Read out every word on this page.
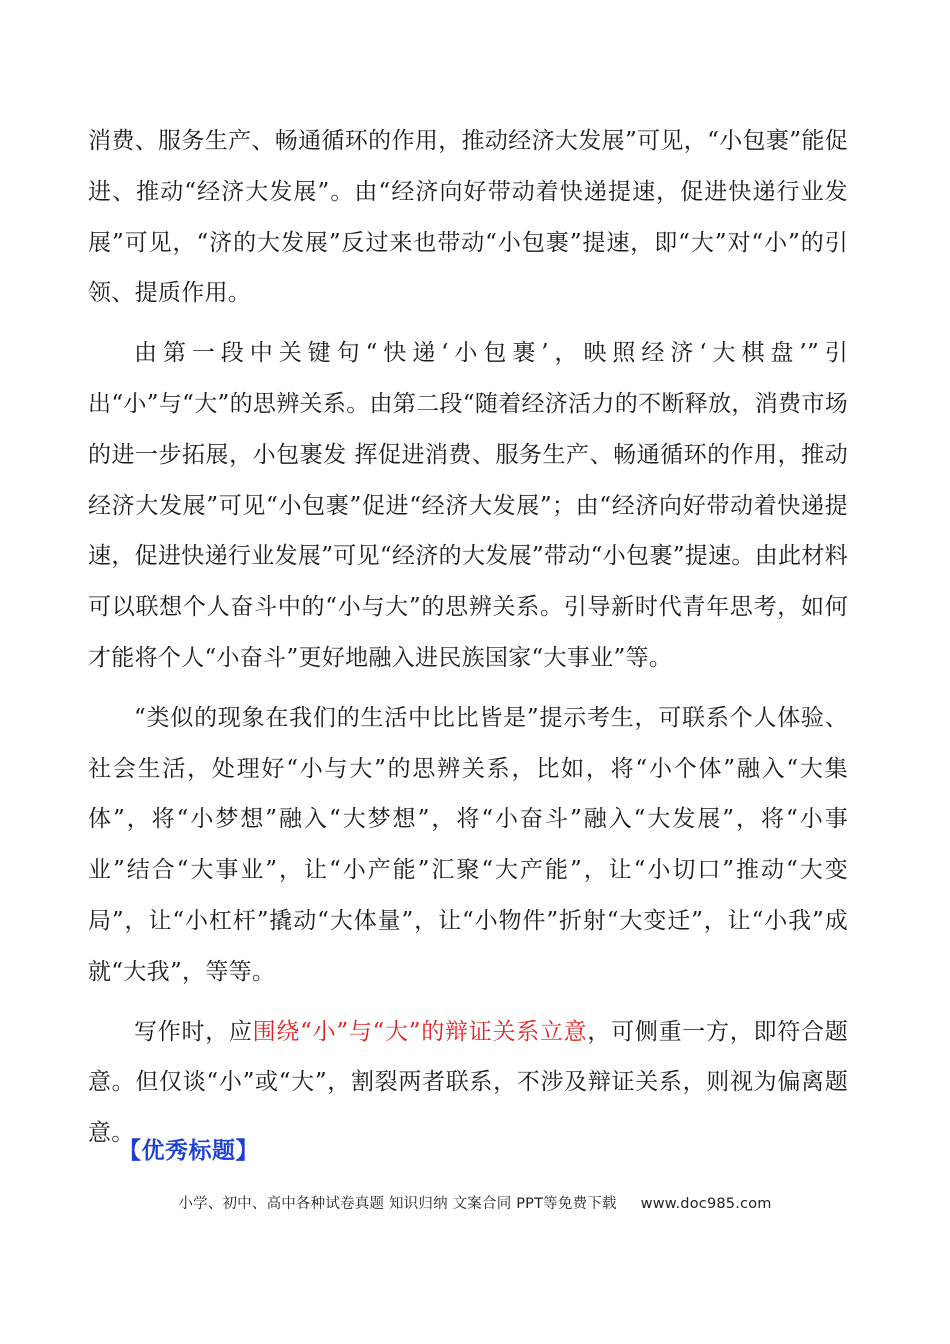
消费、服务生产、畅通循环的作用，推动经济大发展”可见，“小包裹”能促进、推动“经济大发展”。由“经济向好带动着快递提速，促进快递行业发展”可见，“济的大发展”反过来也带动“小包裹”提速，即“大”对“小”的引领、提质作用。

由第一段中关键句“快递‘小包裹’，映照经济‘大棋盘’”引出“小”与“大”的思辨关系。由第二段“随着经济活力的不断释放，消费市场的进一步拓展，小包裹发 挥促进消费、服务生产、畅通循环的作用，推动经济大发展”可见“小包裹”促进“经济大发展”；由“经济向好带动着快递提速，促进快递行业发展”可见“经济的大发展”带动“小包裹”提速。由此材料可以联想个人奋斗中的“小与大”的思辨关系。引导新时代青年思考，如何才能将个人“小奋斗”更好地融入进民族国家“大事业”等。

“类似的现象在我们的生活中比比皆是”提示考生，可联系个人体验、社会生活，处理好“小与大”的思辨关系，比如，将“小个体”融入“大集体”，将“小梦想”融入“大梦想”，将“小奋斗”融入“大发展”，将“小事业”结合“大事业”，让“小产能”汇聚“大产能”，让“小切口”推动“大变局”，让“小杠杆”撬动“大体量”，让“小物件”折射“大变迁”，让“小我”成就“大我”，等等。

写作时，应围绕“小”与“大”的辩证关系立意，可侧重一方，即符合题意。但仅谈“小”或“大”，割裂两者联系，不涉及辩证关系，则视为偏离题意。

【优秀标题】
小学、初中、高中各种试卷真题 知识归纳 文案合同 PPT等免费下载 www.doc985.com
